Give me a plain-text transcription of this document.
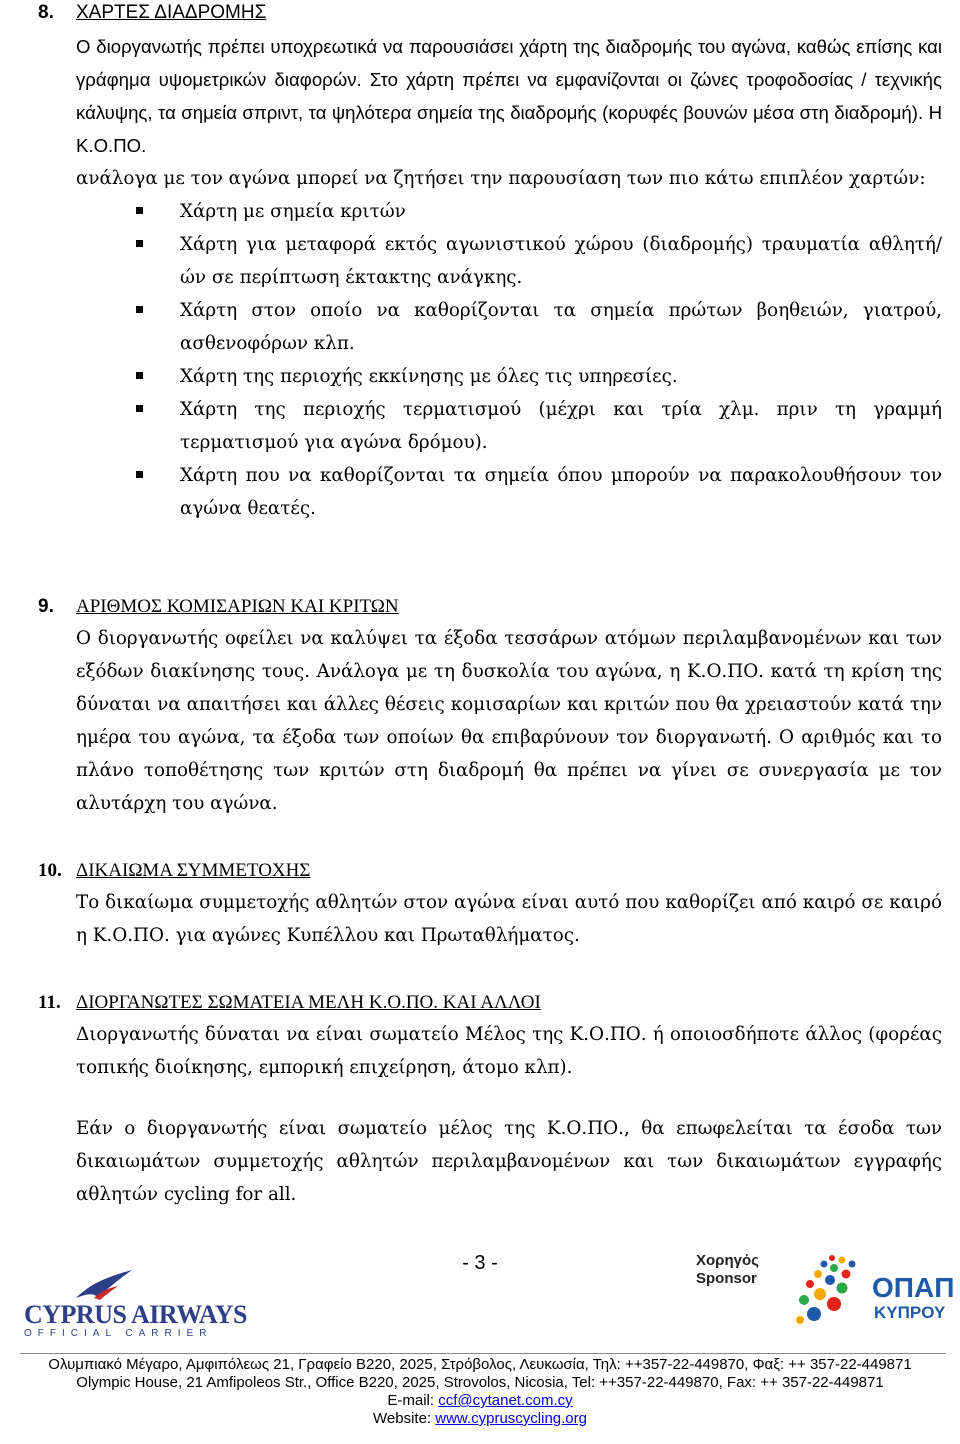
8. ΧΑΡΤΕΣ ΔΙΑΔΡΟΜΗΣ
Ο διοργανωτής πρέπει υποχρεωτικά να παρουσιάσει χάρτη της διαδρομής του αγώνα, καθώς επίσης και γράφημα υψομετρικών διαφορών. Στο χάρτη πρέπει να εμφανίζονται οι ζώνες τροφοδοσίας / τεχνικής κάλυψης, τα σημεία σπριντ, τα ψηλότερα σημεία της διαδρομής (κορυφές βουνών μέσα στη διαδρομή). Η Κ.Ο.ΠΟ.
ανάλογα με τον αγώνα μπορεί να ζητήσει την παρουσίαση των πιο κάτω επιπλέον χαρτών:
Χάρτη με σημεία κριτών
Χάρτη για μεταφορά εκτός αγωνιστικού χώρου (διαδρομής) τραυματία αθλητή/ών σε περίπτωση έκτακτης ανάγκης.
Χάρτη στον οποίο να καθορίζονται τα σημεία πρώτων βοηθειών, γιατρού, ασθενοφόρων κλπ.
Χάρτη της περιοχής εκκίνησης με όλες τις υπηρεσίες.
Χάρτη της περιοχής τερματισμού (μέχρι και τρία χλμ. πριν τη γραμμή τερματισμού για αγώνα δρόμου).
Χάρτη που να καθορίζονται τα σημεία όπου μπορούν να παρακολουθήσουν τον αγώνα θεατές.
9. ΑΡΙΘΜΟΣ ΚΟΜΙΣΑΡΙΩΝ ΚΑΙ ΚΡΙΤΩΝ
Ο διοργανωτής οφείλει να καλύψει τα έξοδα τεσσάρων ατόμων περιλαμβανομένων και των εξόδων διακίνησης τους. Ανάλογα με τη δυσκολία του αγώνα, η Κ.Ο.ΠΟ. κατά τη κρίση της δύναται να απαιτήσει και άλλες θέσεις κομισαρίων και κριτών που θα χρειαστούν κατά την ημέρα του αγώνα, τα έξοδα των οποίων θα επιβαρύνουν τον διοργανωτή. Ο αριθμός και το πλάνο τοποθέτησης των κριτών στη διαδρομή θα πρέπει να γίνει σε συνεργασία με τον αλυτάρχη του αγώνα.
10. ΔΙΚΑΙΩΜΑ ΣΥΜΜΕΤΟΧΗΣ
Το δικαίωμα συμμετοχής αθλητών στον αγώνα είναι αυτό που καθορίζει από καιρό σε καιρό η Κ.Ο.ΠΟ. για αγώνες Κυπέλλου και Πρωταθλήματος.
11. ΔΙΟΡΓΑΝΩΤΕΣ ΣΩΜΑΤΕΙΑ ΜΕΛΗ Κ.Ο.ΠΟ. ΚΑΙ ΑΛΛΟΙ
Διοργανωτής δύναται να είναι σωματείο Μέλος της Κ.Ο.ΠΟ. ή οποιοσδήποτε άλλος (φορέας τοπικής διοίκησης, εμπορική επιχείρηση, άτομο κλπ).
Εάν ο διοργανωτής είναι σωματείο μέλος της Κ.Ο.ΠΟ., θα επωφελείται τα έσοδα των δικαιωμάτων συμμετοχής αθλητών περιλαμβανομένων και των δικαιωμάτων εγγραφής αθλητών cycling for all.
- 3 -	Χορηγός
Sponsor	ΟΠΑΠ
ΚΥΠΡΟΥ
CYPRUS AIRWAYS
OFFICIAL CARRIER
Ολυμπιακό Μέγαρο, Αμφιπόλεως 21, Γραφείο Β220, 2025, Στρόβολος, Λευκωσία, Τηλ: ++357-22-449870, Φαξ: ++ 357-22-449871
Olympic House, 21 Amfipoleos Str., Office B220, 2025, Strovolos, Nicosia, Tel: ++357-22-449870, Fax: ++ 357-22-449871
E-mail: ccf@cytanet.com.cy
Website: www.cypruscycling.org
